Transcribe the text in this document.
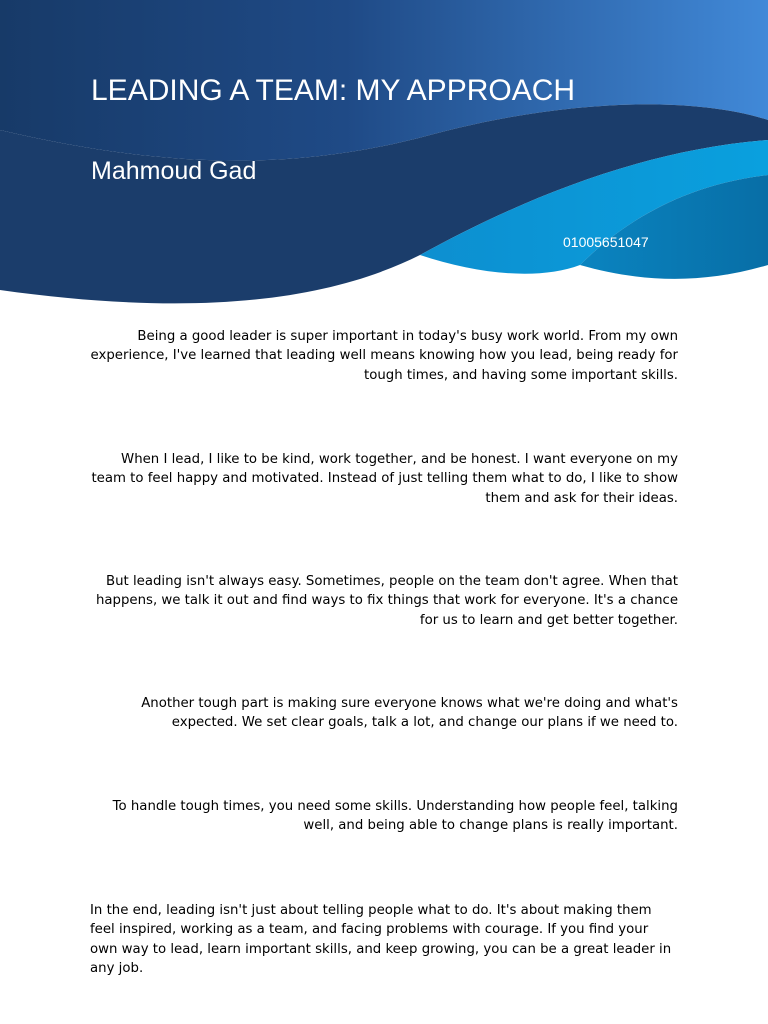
LEADING A TEAM: MY APPROACH
Mahmoud Gad
01005651047

Being a good leader is super important in today's busy work world. From my own experience, I've learned that leading well means knowing how you lead, being ready for tough times, and having some important skills.

When I lead, I like to be kind, work together, and be honest. I want everyone on my team to feel happy and motivated. Instead of just telling them what to do, I like to show them and ask for their ideas.

But leading isn't always easy. Sometimes, people on the team don't agree. When that happens, we talk it out and find ways to fix things that work for everyone. It's a chance for us to learn and get better together.

Another tough part is making sure everyone knows what we're doing and what's expected. We set clear goals, talk a lot, and change our plans if we need to.

To handle tough times, you need some skills. Understanding how people feel, talking well, and being able to change plans is really important.

In the end, leading isn't just about telling people what to do. It's about making them feel inspired, working as a team, and facing problems with courage. If you find your own way to lead, learn important skills, and keep growing, you can be a great leader in any job.
